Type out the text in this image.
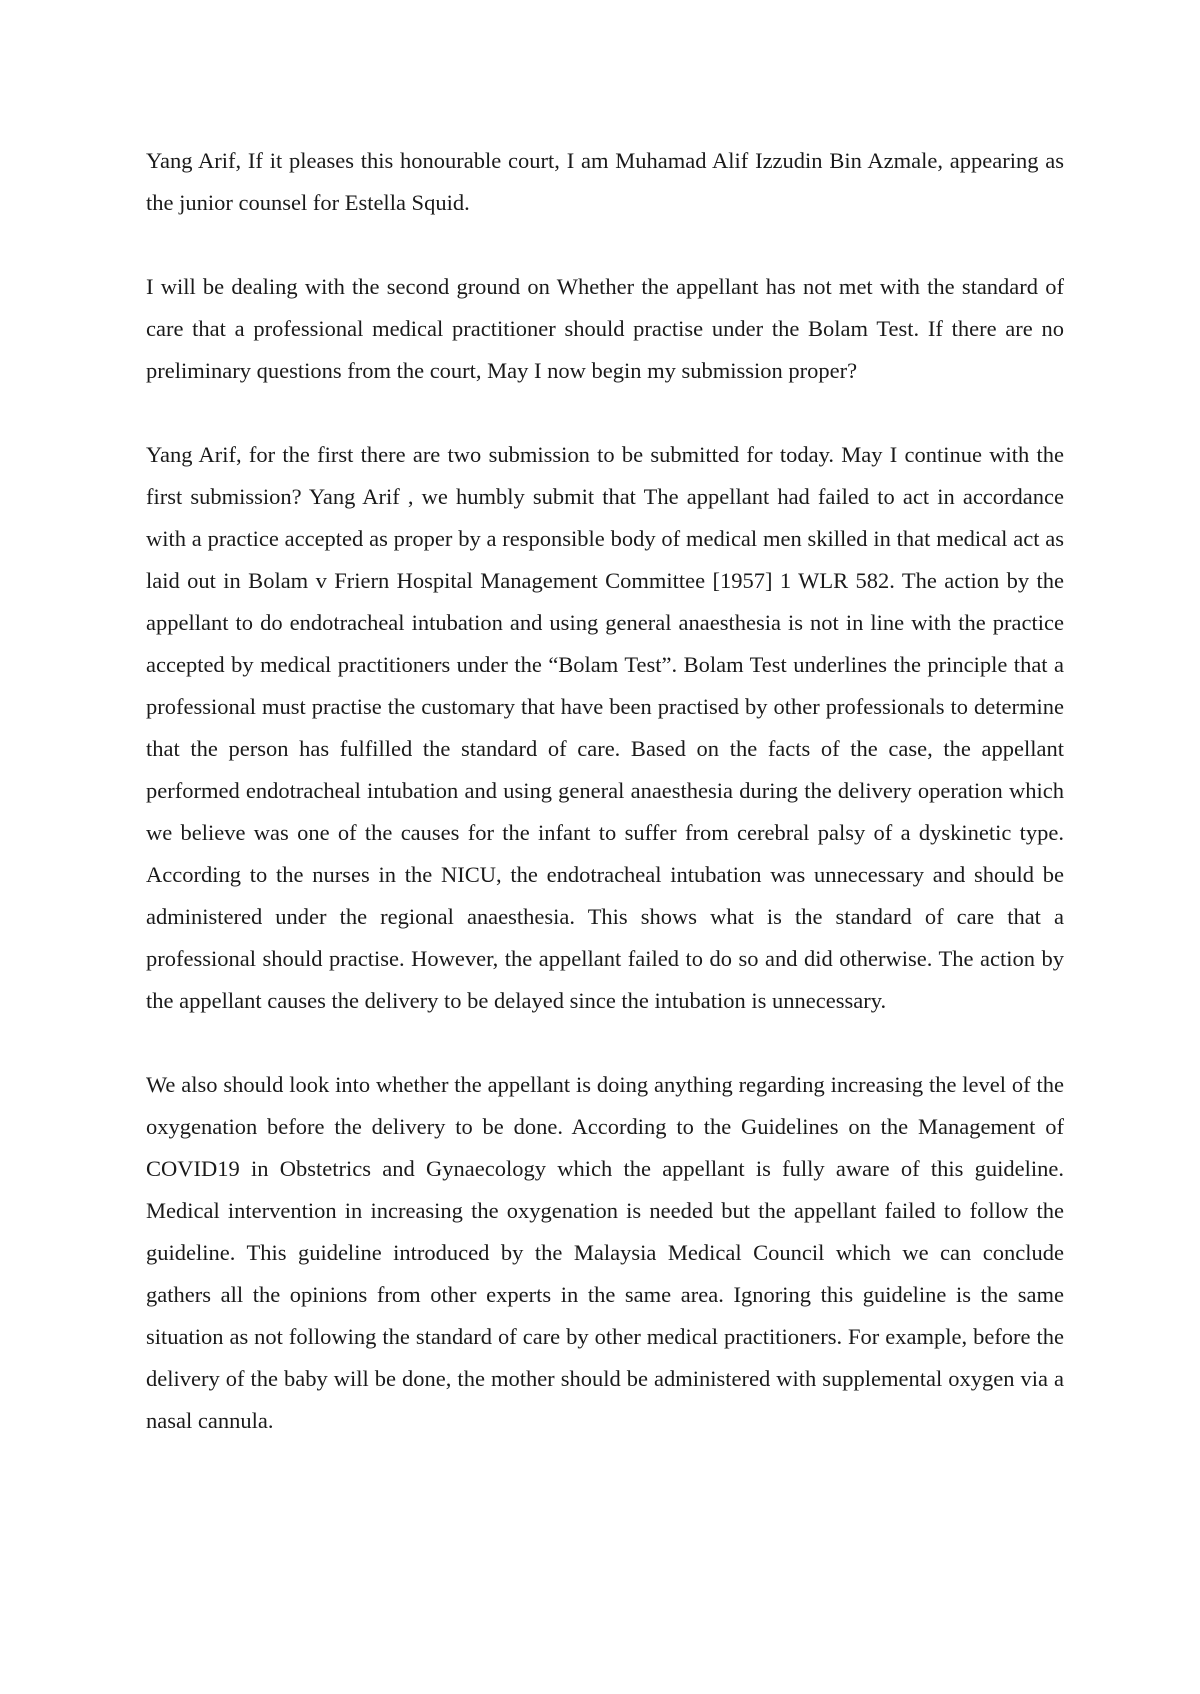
Yang Arif, If it pleases this honourable court, I am Muhamad Alif Izzudin Bin Azmale, appearing as the junior counsel for Estella Squid.

I will be dealing with the second ground on Whether the appellant has not met with the standard of care that a professional medical practitioner should practise under the Bolam Test. If there are no preliminary questions from the court, May I now begin my submission proper?

Yang Arif, for the first there are two submission to be submitted for today. May I continue with the first submission? Yang Arif , we humbly submit that The appellant had failed to act in accordance with a practice accepted as proper by a responsible body of medical men skilled in that medical act as laid out in Bolam v Friern Hospital Management Committee [1957] 1 WLR 582. The action by the appellant to do endotracheal intubation and using general anaesthesia is not in line with the practice accepted by medical practitioners under the “Bolam Test”. Bolam Test underlines the principle that a professional must practise the customary that have been practised by other professionals to determine that the person has fulfilled the standard of care. Based on the facts of the case, the appellant performed endotracheal intubation and using general anaesthesia during the delivery operation which we believe was one of the causes for the infant to suffer from cerebral palsy of a dyskinetic type. According to the nurses in the NICU, the endotracheal intubation was unnecessary and should be administered under the regional anaesthesia. This shows what is the standard of care that a professional should practise. However, the appellant failed to do so and did otherwise. The action by the appellant causes the delivery to be delayed since the intubation is unnecessary.

We also should look into whether the appellant is doing anything regarding increasing the level of the oxygenation before the delivery to be done. According to the Guidelines on the Management of COVID19 in Obstetrics and Gynaecology which the appellant is fully aware of this guideline. Medical intervention in increasing the oxygenation is needed but the appellant failed to follow the guideline. This guideline introduced by the Malaysia Medical Council which we can conclude gathers all the opinions from other experts in the same area. Ignoring this guideline is the same situation as not following the standard of care by other medical practitioners. For example, before the delivery of the baby will be done, the mother should be administered with supplemental oxygen via a nasal cannula.
